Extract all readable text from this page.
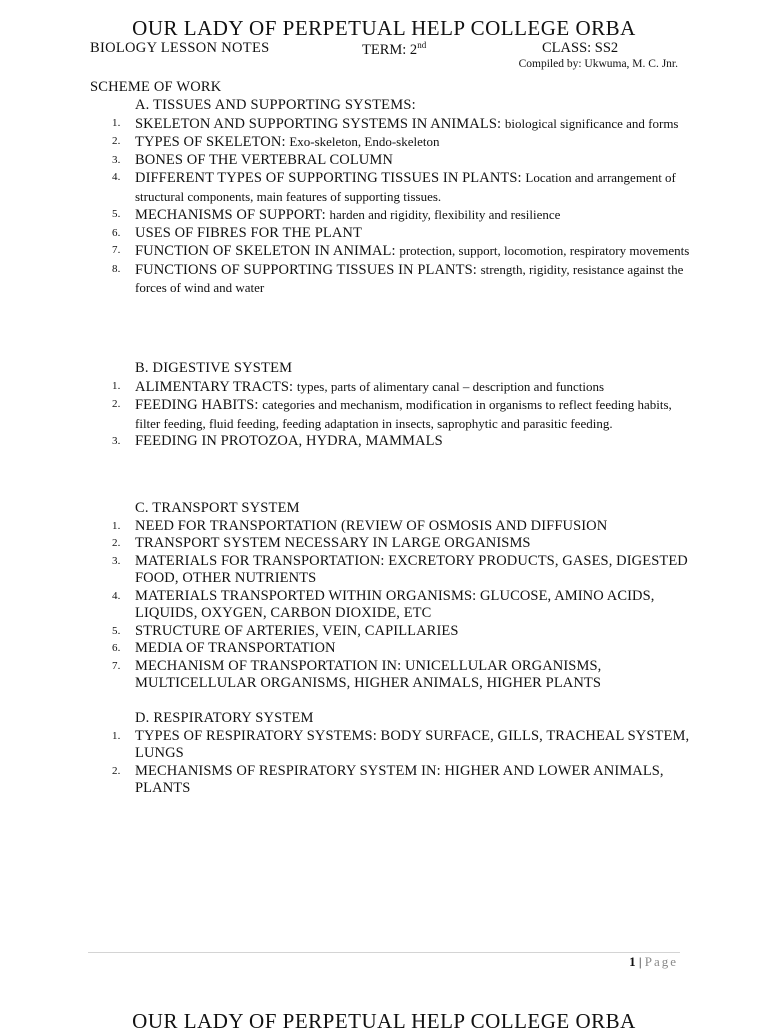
OUR LADY OF PERPETUAL HELP COLLEGE ORBA
BIOLOGY LESSON NOTES	TERM: 2nd	CLASS: SS2
Compiled by: Ukwuma, M. C. Jnr.
SCHEME OF WORK
A. TISSUES AND SUPPORTING SYSTEMS:
1. SKELETON AND SUPPORTING SYSTEMS IN ANIMALS: biological significance and forms
2. TYPES OF SKELETON: Exo-skeleton, Endo-skeleton
3. BONES OF THE VERTEBRAL COLUMN
4. DIFFERENT TYPES OF SUPPORTING TISSUES IN PLANTS: Location and arrangement of structural components, main features of supporting tissues.
5. MECHANISMS OF SUPPORT: harden and rigidity, flexibility and resilience
6. USES OF FIBRES FOR THE PLANT
7. FUNCTION OF SKELETON IN ANIMAL: protection, support, locomotion, respiratory movements
8. FUNCTIONS OF SUPPORTING TISSUES IN PLANTS: strength, rigidity, resistance against the forces of wind and water
B. DIGESTIVE SYSTEM
1. ALIMENTARY TRACTS: types, parts of alimentary canal – description and functions
2. FEEDING HABITS: categories and mechanism, modification in organisms to reflect feeding habits, filter feeding, fluid feeding, feeding adaptation in insects, saprophytic and parasitic feeding.
3. FEEDING IN PROTOZOA, HYDRA, MAMMALS
C. TRANSPORT SYSTEM
1. NEED FOR TRANSPORTATION (REVIEW OF OSMOSIS AND DIFFUSION
2. TRANSPORT SYSTEM NECESSARY IN LARGE ORGANISMS
3. MATERIALS FOR TRANSPORTATION: EXCRETORY PRODUCTS, GASES, DIGESTED FOOD, OTHER NUTRIENTS
4. MATERIALS TRANSPORTED WITHIN ORGANISMS: GLUCOSE, AMINO ACIDS, LIQUIDS, OXYGEN, CARBON DIOXIDE, ETC
5. STRUCTURE OF ARTERIES, VEIN, CAPILLARIES
6. MEDIA OF TRANSPORTATION
7. MECHANISM OF TRANSPORTATION IN: UNICELLULAR ORGANISMS, MULTICELLULAR ORGANISMS, HIGHER ANIMALS, HIGHER PLANTS
D. RESPIRATORY SYSTEM
1. TYPES OF RESPIRATORY SYSTEMS: BODY SURFACE, GILLS, TRACHEAL SYSTEM, LUNGS
2. MECHANISMS OF RESPIRATORY SYSTEM IN: HIGHER AND LOWER ANIMALS, PLANTS
1 | Page
OUR LADY OF PERPETUAL HELP COLLEGE ORBA
